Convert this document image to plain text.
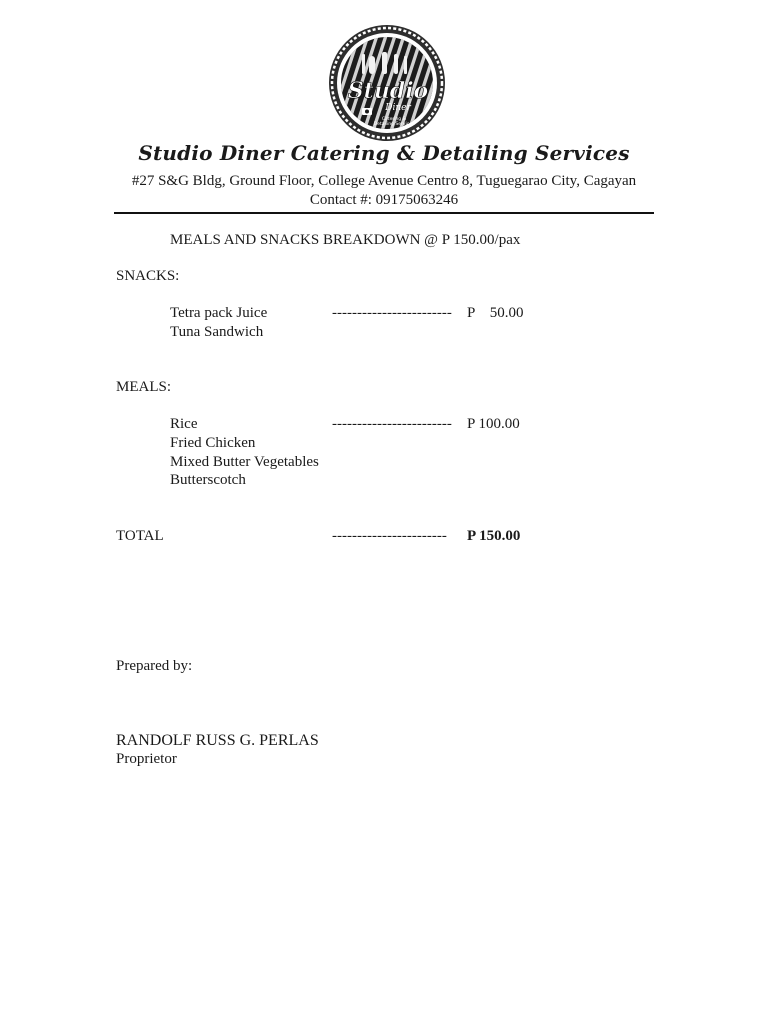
Studio
Diner
Catering &
Detailing Services
Studio Diner Catering & Detailing Services
#27 S&G Bldg, Ground Floor, College Avenue Centro 8, Tuguegarao City, Cagayan
Contact #: 09175063246
MEALS AND SNACKS BREAKDOWN @ P 150.00/pax
SNACKS:
Tetra pack Juice
Tuna Sandwich
------------------------ P    50.00
MEALS:
Rice
Fried Chicken
Mixed Butter Vegetables
Butterscotch
------------------------ P 100.00
TOTAL	----------------------- P 150.00
Prepared by:
RANDOLF RUSS G. PERLAS
Proprietor
